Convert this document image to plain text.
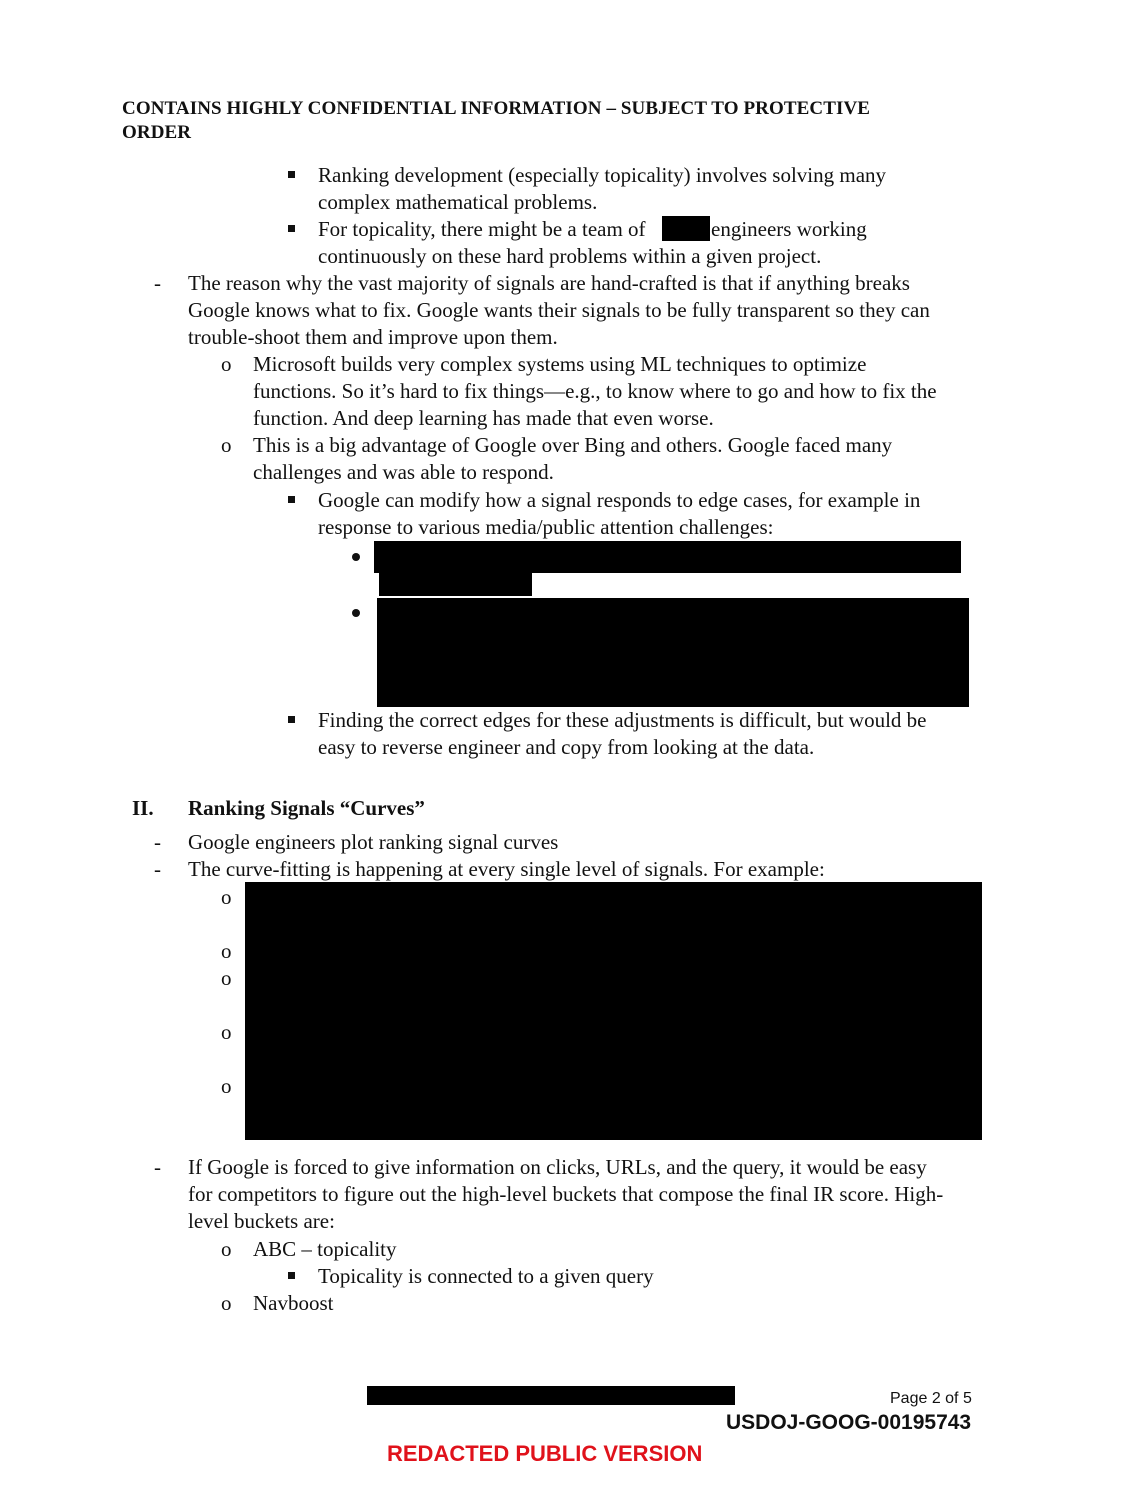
CONTAINS HIGHLY CONFIDENTIAL INFORMATION – SUBJECT TO PROTECTIVE
ORDER
Ranking development (especially topicality) involves solving many
complex mathematical problems.
For topicality, there might be a team of	engineers working
continuously on these hard problems within a given project.
- The reason why the vast majority of signals are hand-crafted is that if anything breaks
Google knows what to fix. Google wants their signals to be fully transparent so they can
trouble-shoot them and improve upon them.
o Microsoft builds very complex systems using ML techniques to optimize
functions. So it’s hard to fix things—e.g., to know where to go and how to fix the
function. And deep learning has made that even worse.
o This is a big advantage of Google over Bing and others. Google faced many
challenges and was able to respond.
Google can modify how a signal responds to edge cases, for example in
response to various media/public attention challenges:
Finding the correct edges for these adjustments is difficult, but would be
easy to reverse engineer and copy from looking at the data.
II. Ranking Signals “Curves”
- Google engineers plot ranking signal curves
- The curve-fitting is happening at every single level of signals. For example:
o
o
o
o
o
- If Google is forced to give information on clicks, URLs, and the query, it would be easy
for competitors to figure out the high-level buckets that compose the final IR score. High-
level buckets are:
o ABC – topicality
Topicality is connected to a given query
o Navboost
Page 2 of 5
USDOJ-GOOG-00195743
REDACTED PUBLIC VERSION
